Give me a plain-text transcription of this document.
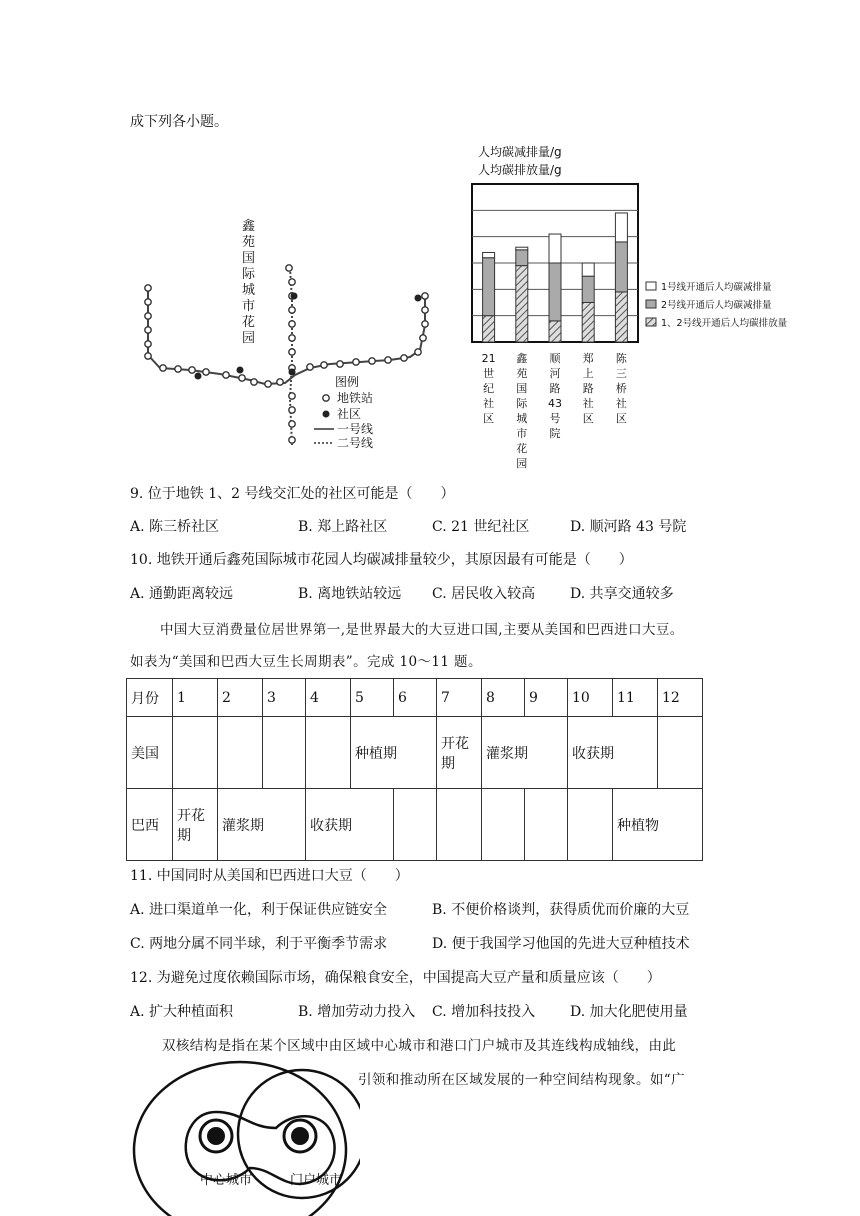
成下列各小题。
鑫苑国际城市花园
图例
地铁站
社区
一号线
二号线
人均碳减排量/g
人均碳排放量/g
21 世纪社区
鑫苑国际城市花园
顺河路 43 号院
郑上路社区
陈三桥社区
1号线开通后人均碳减排量
2号线开通后人均碳减排量
1、2号线开通后人均碳排放量
9. 位于地铁 1、2 号线交汇处的社区可能是（　　）
A. 陈三桥社区	B. 郑上路社区	C. 21 世纪社区	D. 顺河路 43 号院
10. 地铁开通后鑫苑国际城市花园人均碳减排量较少，其原因最有可能是（　　）
A. 通勤距离较远	B. 离地铁站较远 C. 居民收入较高 D. 共享交通较多
中国大豆消费量位居世界第一,是世界最大的大豆进口国,主要从美国和巴西进口大豆。
如表为“美国和巴西大豆生长周期表”。完成 10～11 题。
月份	1	2	3	4	5	6	7	8	9	10	11	12
美国					种植期		开花期	灌浆期		收获期		
巴西	开花期	灌浆期		收获期							种植物	
11. 中国同时从美国和巴西进口大豆（　　）
A. 进口渠道单一化，利于保证供应链安全	B. 不便价格谈判，获得质优而价廉的大豆
C. 两地分属不同半球，利于平衡季节需求	D. 便于我国学习他国的先进大豆种植技术
12. 为避免过度依赖国际市场，确保粮食安全，中国提高大豆产量和质量应该（　　）
A. 扩大种植面积	B. 增加劳动力投入 C. 增加科技投入 D. 加大化肥使用量
双核结构是指在某个区域中由区域中心城市和港口门户城市及其连线构成轴线，由此
引领和推动所在区域发展的一种空间结构现象。如“广
中心城市	门户城市
